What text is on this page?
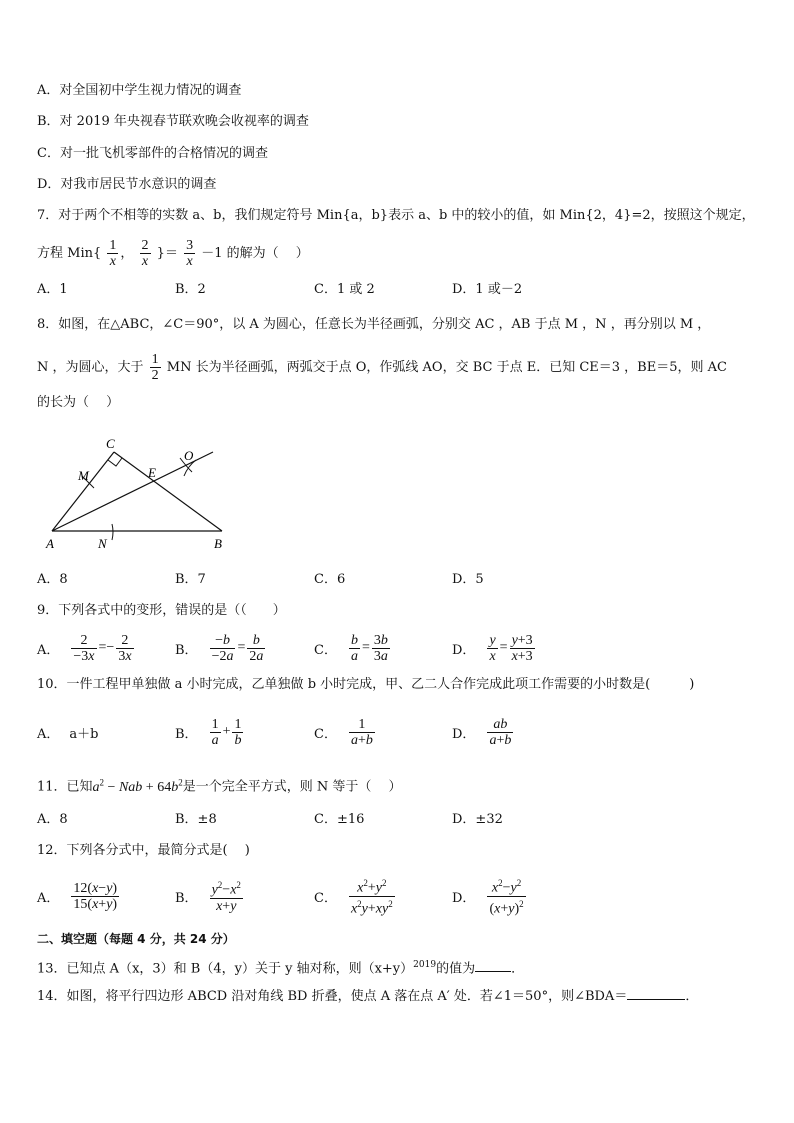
A．对全国初中学生视力情况的调查
B．对 2019 年央视春节联欢晚会收视率的调查
C．对一批飞机零部件的合格情况的调查
D．对我市居民节水意识的调查
7．对于两个不相等的实数 a、b，我们规定符号 Min{a，b}表示 a、b 中的较小的值，如 Min{2，4}=2，按照这个规定，
方程 $Min\{ \frac{1}{x}$ ， $\frac{2}{x}$ }＝ $\frac{3}{x} -1$ 的解为（　 ）
A．1	B．2	C．1 或 2	D．1 或－2
8．如图，在△ABC，∠C＝90°，以 A 为圆心，任意长为半径画弧，分别交 AC ，AB 于点 M ，N ，再分别以 M ，
N ，为圆心，大于 $\frac{1}{2}$ MN 长为半径画弧，两弧交于点 O，作弧线 AO，交 BC 于点 E．已知 CE＝3 ，BE＝5，则 AC
的长为（　 ）
C
M	E
O
A	N	B
A．8	B．7	C．6	D．5
9．下列各式中的变形，错误的是（（　　）
A． $\frac{2}{-3x} =- \frac{2}{3x}$	B． $\frac{-b}{-2a} = \frac{b}{2a}$	C． $\frac{b}{a} = \frac{3b}{3a}$	D． $\frac{y}{x} = \frac{y+3}{x+3}$
10．一件工程甲单独做 a 小时完成，乙单独做 b 小时完成，甲、乙二人合作完成此项工作需要的小时数是(　　　)
A． a＋b	B． $\frac{1}{a} + \frac{1}{b}$	C． $\frac{1}{a+b}$	D． $\frac{ab}{a+b}$
11．已知$a^2$ − Nab + $64b^2$是一个完全平方式，则 N 等于（　 ）
A．8	B．±8	C．±16	D．±32
12．下列各分式中，最简分式是(　 )
A． $\frac{12(x-y)}{15(x+y)}$	B． $\frac{y^2-x^2}{x+y}$	C． $\frac{x^2+y^2}{x^2y+xy^2}$	D． $\frac{x^2-y^2}{(x+y)^2}$
二、填空题（每题 4 分，共 24 分）
13．已知点 A（x，3）和 B（4，y）关于 y 轴对称，则$(x+y)^{2019}$的值为	．
14．如图，将平行四边形 ABCD 沿对角线 BD 折叠，使点 A 落在点 A′ 处．若∠1＝50°，则∠BDA＝	．
